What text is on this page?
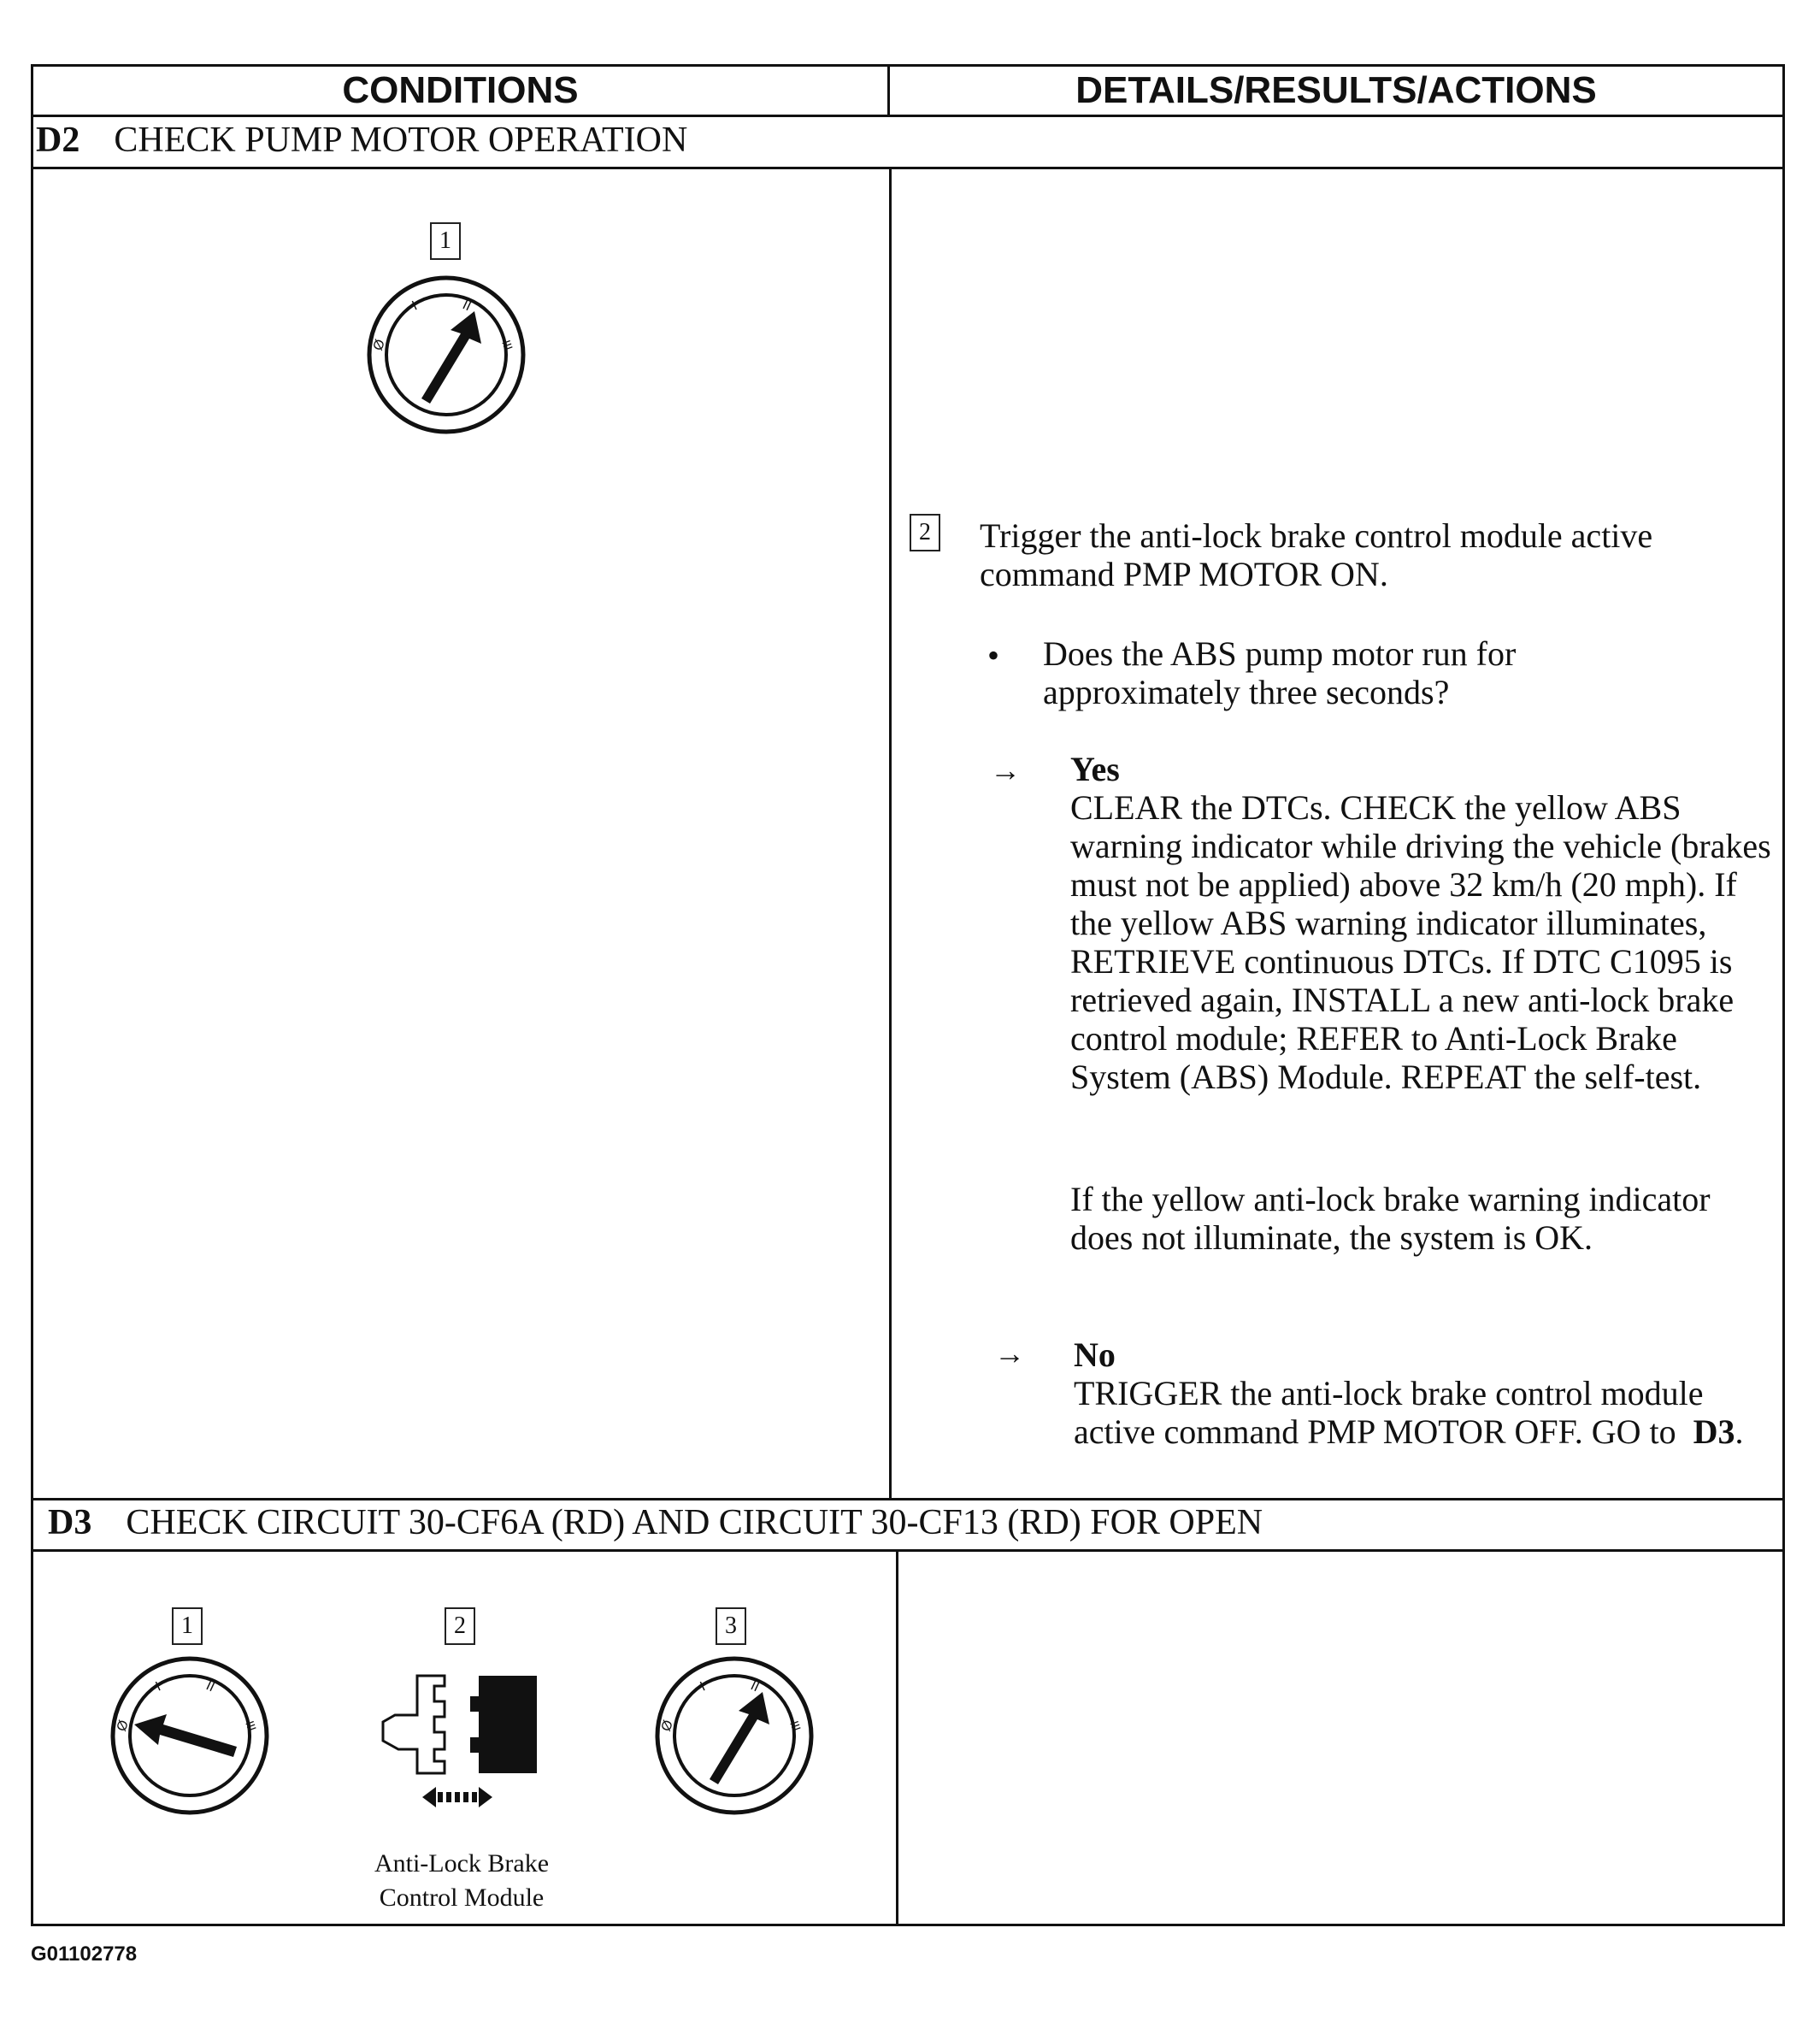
CONDITIONS	DETAILS/RESULTS/ACTIONS
D2 CHECK PUMP MOTOR OPERATION
1
Ø
I	II
III
2 Trigger the anti-lock brake control module active command PMP MOTOR ON.
• Does the ABS pump motor run for approximately three seconds?
→ Yes
CLEAR the DTCs. CHECK the yellow ABS warning indicator while driving the vehicle (brakes must not be applied) above 32 km/h (20 mph). If the yellow ABS warning indicator illuminates, RETRIEVE continuous DTCs. If DTC C1095 is retrieved again, INSTALL a new anti-lock brake control module; REFER to Anti-Lock Brake System (ABS) Module. REPEAT the self-test.
If the yellow anti-lock brake warning indicator does not illuminate, the system is OK.
→ No
TRIGGER the anti-lock brake control module active command PMP MOTOR OFF. GO to D3.
D3 CHECK CIRCUIT 30-CF6A (RD) AND CIRCUIT 30-CF13 (RD) FOR OPEN
1
Ø
I	II
III
2
Anti-Lock Brake
Control Module
3
Ø
I	II
III
G01102778
